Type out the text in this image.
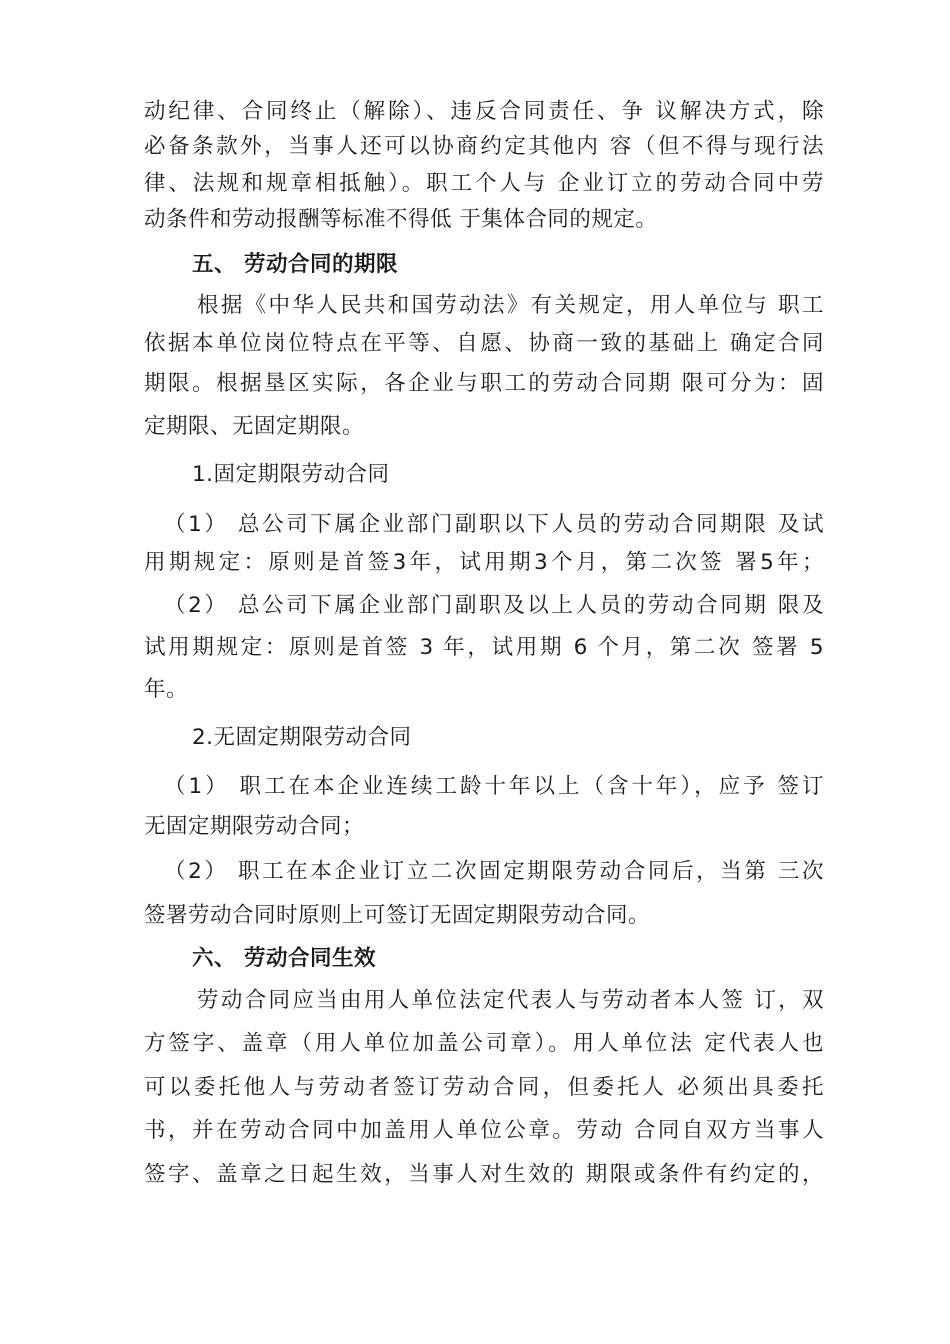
动纪律、合同终止（解除）、违反合同责任、争 议解决方式，除
必备条款外，当事人还可以协商约定其他内 容（但不得与现行法
律、法规和规章相抵触）。职工个人与 企业订立的劳动合同中劳
动条件和劳动报酬等标准不得低 于集体合同的规定。
五、 劳动合同的期限
根据《中华人民共和国劳动法》有关规定，用人单位与 职工
依据本单位岗位特点在平等、自愿、协商一致的基础上 确定合同
期限。根据垦区实际，各企业与职工的劳动合同期 限可分为：固
定期限、无固定期限。
1.固定期限劳动合同
（1） 总公司下属企业部门副职以下人员的劳动合同期限 及试
用期规定：原则是首签3年，试用期3个月，第二次签 署5年；
（2） 总公司下属企业部门副职及以上人员的劳动合同期 限及
试用期规定：原则是首签 3 年，试用期 6 个月，第二次 签署 5
年。
2.无固定期限劳动合同
（1） 职工在本企业连续工龄十年以上（含十年），应予 签订
无固定期限劳动合同；
（2） 职工在本企业订立二次固定期限劳动合同后，当第 三次
签署劳动合同时原则上可签订无固定期限劳动合同。
六、 劳动合同生效
劳动合同应当由用人单位法定代表人与劳动者本人签 订，双
方签字、盖章（用人单位加盖公司章）。用人单位法 定代表人也
可以委托他人与劳动者签订劳动合同，但委托人 必须出具委托
书，并在劳动合同中加盖用人单位公章。劳动 合同自双方当事人
签字、盖章之日起生效，当事人对生效的 期限或条件有约定的，
